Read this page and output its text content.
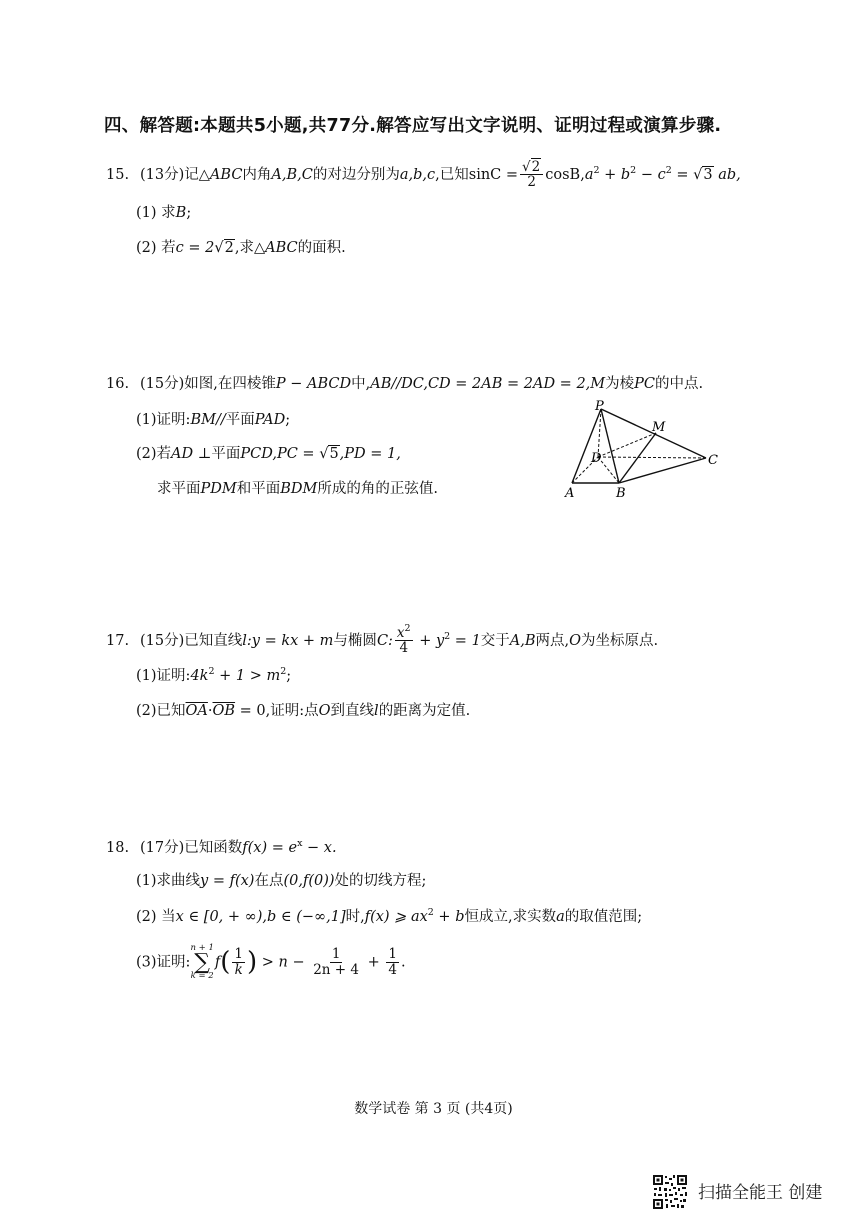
四、解答题:本题共5小题,共77分.解答应写出文字说明、证明过程或演算步骤.
15. (13分)记△ABC内角A,B,C的对边分别为a,b,c,已知$\sin C = \frac{√2}{2} \cos B,a^2 + b^2 - c^2 = √3$ ab,
(1) 求B;
(2) 若c = 2√2,求△ABC的面积.
16. (15分)如图,在四棱锥P − ABCD中,AB//DC,CD = 2AB = 2AD = 2,M为棱PC的中点.
(1)证明:BM//平面PAD;
(2)若AD ⊥平面PCD,PC = √5,PD = 1,
求平面PDM和平面BDM所成的角的正弦值.
P
M
D	C
A	B
17. (15分)已知直线l:y = kx + m与椭圆C: $\frac{x^2}{4} + y^2 = 1$交于A,B两点,O为坐标原点.
(1)证明$:4k^2 + 1 > m^2$;
(2)已知$\overline{OA}\cdot\overline{OB} = 0$,证明:点O到直线l的距离为定值.
18. (17分)已知函数$f(x) = e^x - x$.
(1)求曲线y = f(x)在点(0,f(0))处的切线方程;
(2) 当x ∈ [0, + ∞),b ∈ (−∞,1]时,f(x) ⩾ $ax^2 + b$恒成立,求实数a的取值范围;
(3)证明:
n + 1
∑
k = 2
$f( \frac{1}{k}$ ) > $n - \frac{1}{2n + 4} + \frac{1}{4}$ .
数学试卷 第 3 页 (共4页)
扫描全能王 创建
